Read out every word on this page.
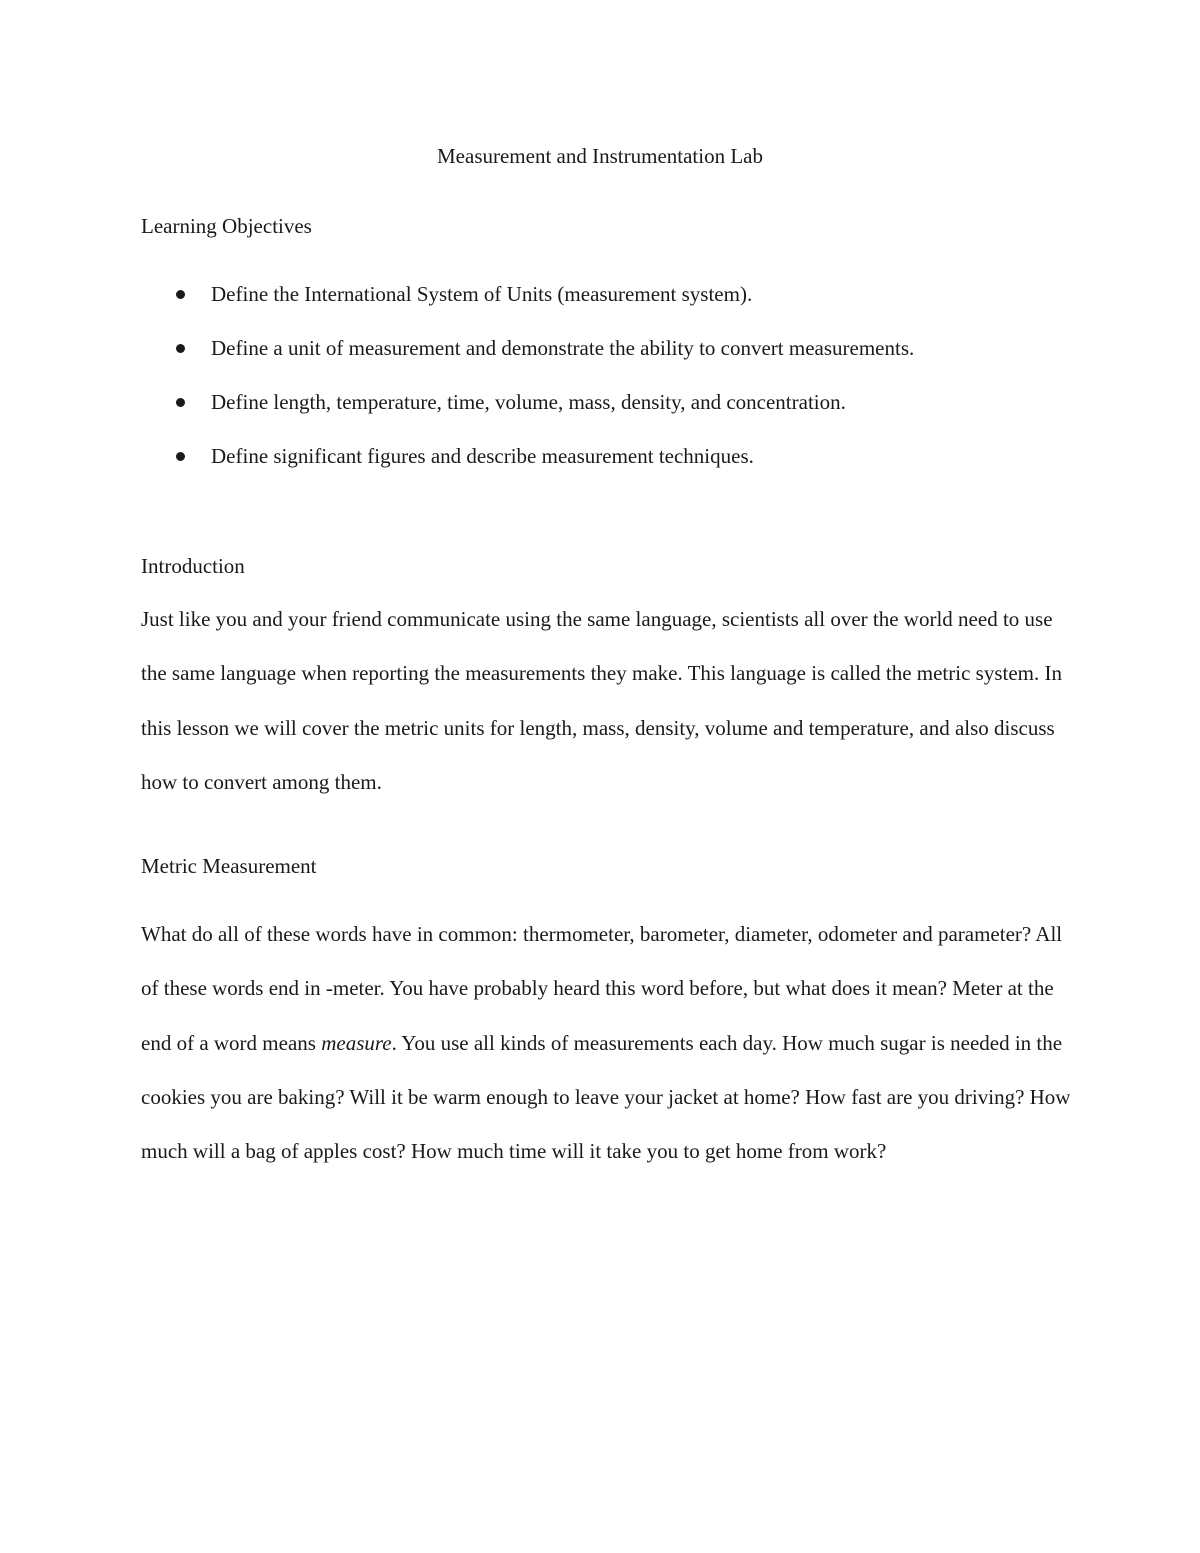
Measurement and Instrumentation Lab
Learning Objectives
Define the International System of Units (measurement system).
Define a unit of measurement and demonstrate the ability to convert measurements.
Define length, temperature, time, volume, mass, density, and concentration.
Define significant figures and describe measurement techniques.
Introduction

Just like you and your friend communicate using the same language, scientists all over the world need to use the same language when reporting the measurements they make. This language is called the metric system. In this lesson we will cover the metric units for length, mass, density, volume and temperature, and also discuss how to convert among them.

Metric Measurement

What do all of these words have in common: thermometer, barometer, diameter, odometer and parameter? All of these words end in -meter. You have probably heard this word before, but what does it mean? Meter at the end of a word means measure. You use all kinds of measurements each day. How much sugar is needed in the cookies you are baking? Will it be warm enough to leave your jacket at home? How fast are you driving? How much will a bag of apples cost? How much time will it take you to get home from work?
